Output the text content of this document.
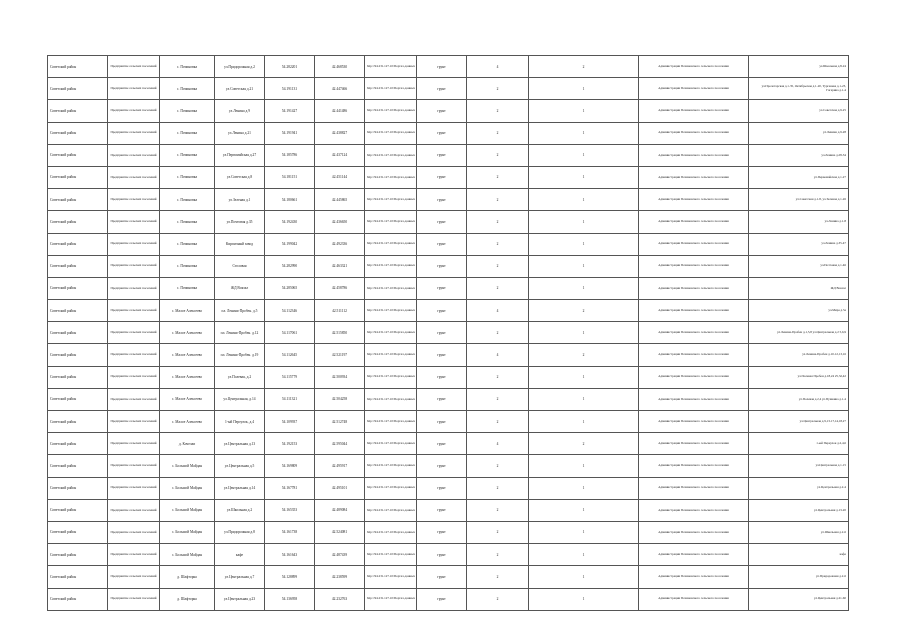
Советский район	Предприятие сельских поселений	с. Починовка	ул.Придорожная д.2	54.282201	42.468530	http://94.231.127.10/Портал-данных	грунт	4	2	Администрация Починовского сельского поселения	ул.Школьная д.8-24
Советский район	Предприятие сельских поселений	с. Починовка	ул.Советская д.21	54.191131	42.447466	http://94.231.127.10/Портал-данных	грунт	2	1	Администрация Починовского сельского поселения	ул.Пролетарская д.1-35, Октябрьская д.1-20, Тургенева д.1-23, Гагарина д.1-4
Советский район	Предприятие сельских поселений	с. Починовка	ул.Ленина д.9	54.191427	42.441486	http://94.231.127.10/Портал-данных	грунт	2	1	Администрация Починовского сельского поселения	ул.Советская д.9-25
Советский район	Предприятие сельских поселений	с. Починовка	ул.Ленина д.21	54.191941	42.438827	http://94.231.127.10/Портал-данных	грунт	2	1	Администрация Починовского сельского поселения	ул.Ленина д.9-28
Советский район	Предприятие сельских поселений	с. Починовка	ул.Первомайская д.27	54.185786	42.437124	http://94.231.127.10/Портал-данных	грунт	2	1	Администрация Починовского сельского поселения	ул.Ленина д.28-34
Советский район	Предприятие сельских поселений	с. Починовка	ул.Советская д.8	54.181151	42.451144	http://94.231.127.10/Портал-данных	грунт	2	1	Администрация Починовского сельского поселения	ул.Первомайская д.1-27
Советский район	Предприятие сельских поселений	с. Починовка	ул.Зеленая д.1	54.180661	42.445865	http://94.231.127.10/Портал-данных	грунт	2	1	Администрация Починовского сельского поселения	ул.Советская д.1-8, ул.Зеленая д.1-26
Советский район	Предприятие сельских поселений	с. Починовка	ул.Почтовая д.35	54.192430	42.436650	http://94.231.127.10/Портал-данных	грунт	2	1	Администрация Починовского сельского поселения	ул.Ленина д.1-8
Советский район	Предприятие сельских поселений	с. Починовка	Кирпичный завод	54.199042	42.492336	http://94.231.127.10/Портал-данных	грунт	2	1	Администрация Починовского сельского поселения	ул.Ленина д.35-47
Советский район	Предприятие сельских поселений	с. Починовка	Столовая	54.282990	42.463321	http://94.231.127.10/Портал-данных	грунт	2	1	Администрация Починовского сельского поселения	ул.Почтовая д.1-46
Советский район	Предприятие сельских поселений	с. Починовка	ЖД Вокзал	54.285065	42.458786	http://94.231.127.10/Портал-данных	грунт	2	1	Администрация Починовского сельского поселения	ЖД Вокзал
Советский район	Предприятие сельских поселений	с. Малое Алексеево	пл. Ленина-Пробен. д.5	54.112346	42.511112	http://94.231.127.10/Портал-данных	грунт	4	2	Администрация Починовского сельского поселения	ул.Мира д.5а
Советский район	Предприятие сельских поселений	с. Малое Алексеево	пл. Ленина-Пробен. д.12	54.117061	42.515850	http://94.231.127.10/Портал-данных	грунт	2	1	Администрация Починовского сельского поселения	ул.Ленина-Пробен д.1,5,8 ул.Центральная д.2 5,6,9
Советский район	Предприятие сельских поселений	с. Малое Алексеево	пл. Ленина-Пробен. д.19	54.112645	42.521197	http://94.231.127.10/Портал-данных	грунт	4	2	Администрация Починовского сельского поселения	ул.Ленина-Пробен д.10-12,13,16
Советский район	Предприятие сельских поселений	с. Малое Алексеево	ул.Полевая, д.2	54.115779	42.500934	http://94.231.127.10/Портал-данных	грунт	2	1	Администрация Починовского сельского поселения	ул.Полевая Пробен д.18,24 25,32,42
Советский район	Предприятие сельских поселений	с. Малое Алексеево	ул.Центральная, д.14	54.111321	42.504258	http://94.231.127.10/Портал-данных	грунт	2	1	Администрация Починовского сельского поселения	ул.Полевая д.2,4 ул.Пушкина д.1-4
Советский район	Предприятие сельских поселений	с. Малое Алексеево	1-ый Переулок, д.4	54.109937	42.512748	http://94.231.127.10/Портал-данных	грунт	2	1	Администрация Починовского сельского поселения	ул.Центральная д.9,13-17,14,18,27
Советский район	Предприятие сельских поселений	д. Кочелаи	ул.Центральная д.13	54.192153	42.595044	http://94.231.127.10/Портал-данных	грунт	4	2	Администрация Починовского сельского поселения	1-ый Переулок д.2,4,6
Советский район	Предприятие сельских поселений	с. Большой Майдан	ул.Центральная д.5	54.169809	42.495917	http://94.231.127.10/Портал-данных	грунт	2	1	Администрация Починовского сельского поселения	ул.Центральная д.1-15
Советский район	Предприятие сельских поселений	с. Большой Майдан	ул.Центральная д.14	54.167781	42.495101	http://94.231.127.10/Портал-данных	грунт	2	1	Администрация Починовского сельского поселения	ул.Центральная д.2-4
Советский район	Предприятие сельских поселений	с. Большой Майдан	ул.Школьная д.2	54.165353	42.489084	http://94.231.127.10/Портал-данных	грунт	2	1	Администрация Починовского сельского поселения	ул.Центральная д.13-20
Советский район	Предприятие сельских поселений	с. Большой Майдан	ул.Придорожная д.8	54.161738	42.524081	http://94.231.127.10/Портал-данных	грунт	2	1	Администрация Починовского сельского поселения	ул.Школьная д.2-6
Советский район	Предприятие сельских поселений	с. Большой Майдан	кафе	54.161643	42.487439	http://94.231.127.10/Портал-данных	грунт	2	1	Администрация Починовского сельского поселения	кафе
Советский район	Предприятие сельских поселений	д. Шафторка	ул.Центральная д.7	54.128899	42.238599	http://94.231.127.10/Портал-данных	грунт	2	1	Администрация Починовского сельского поселения	ул.Придорожная д.2-6
Советский район	Предприятие сельских поселений	д. Шафторка	ул.Центральная д.23	54.136958	42.232763	http://94.231.127.10/Портал-данных	грунт	2	1	Администрация Починовского сельского поселения	ул.Центральная д.21-60
